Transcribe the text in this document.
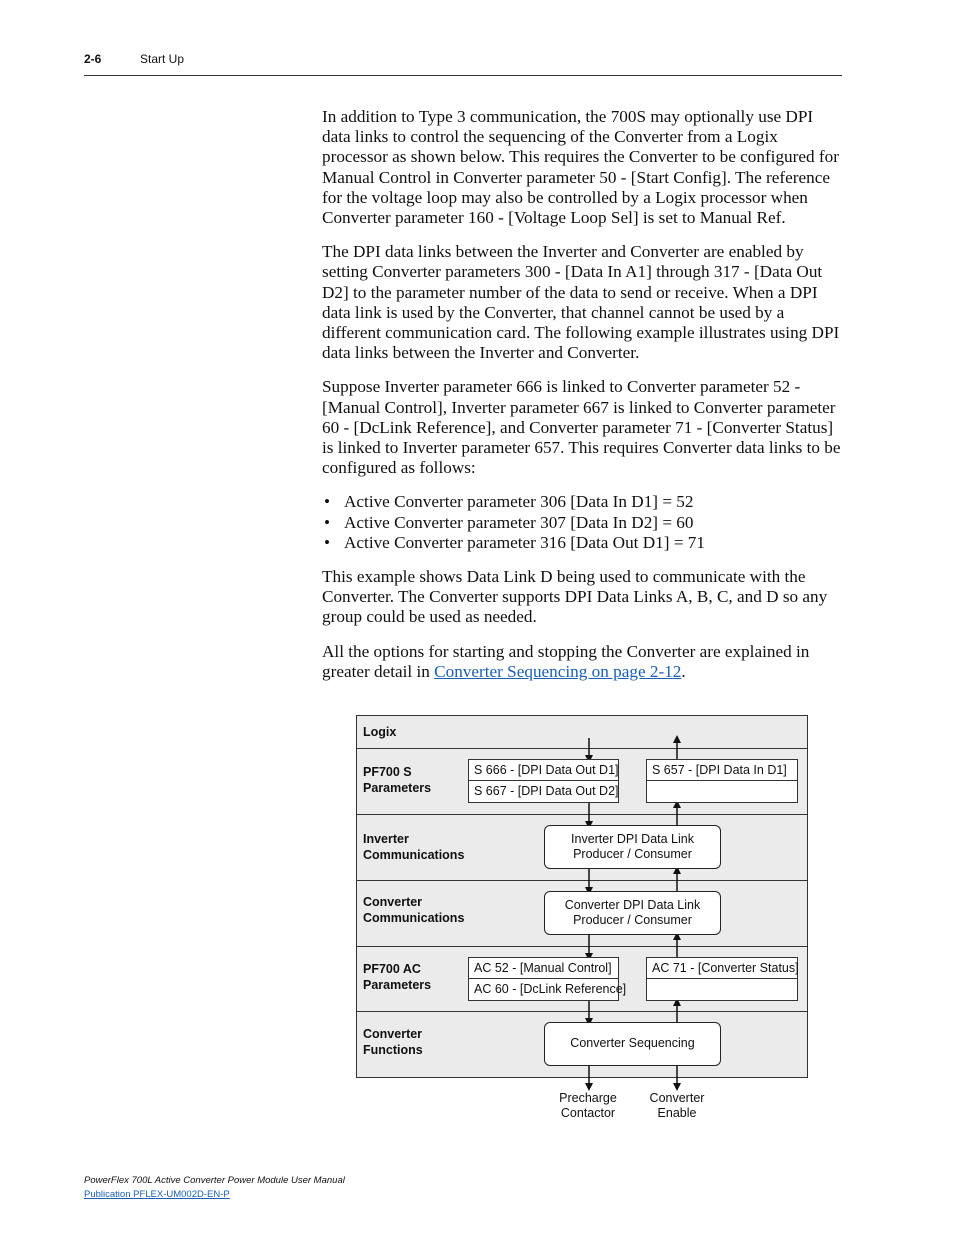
2-6	Start Up

In addition to Type 3 communication, the 700S may optionally use DPI data links to control the sequencing of the Converter from a Logix processor as shown below. This requires the Converter to be configured for Manual Control in Converter parameter 50 - [Start Config]. The reference for the voltage loop may also be controlled by a Logix processor when Converter parameter 160 - [Voltage Loop Sel] is set to Manual Ref.

The DPI data links between the Inverter and Converter are enabled by setting Converter parameters 300 - [Data In A1] through 317 - [Data Out D2] to the parameter number of the data to send or receive. When a DPI data link is used by the Converter, that channel cannot be used by a different communication card. The following example illustrates using DPI data links between the Inverter and Converter.

Suppose Inverter parameter 666 is linked to Converter parameter 52 - [Manual Control], Inverter parameter 667 is linked to Converter parameter 60 - [DcLink Reference], and Converter parameter 71 - [Converter Status] is linked to Inverter parameter 657. This requires Converter data links to be configured as follows:

• Active Converter parameter 306 [Data In D1] = 52
• Active Converter parameter 307 [Data In D2] = 60
• Active Converter parameter 316 [Data Out D1] = 71

This example shows Data Link D being used to communicate with the Converter. The Converter supports DPI Data Links A, B, C, and D so any group could be used as needed.

All the options for starting and stopping the Converter are explained in greater detail in Converter Sequencing on page 2-12.

Logix
PF700 S
Parameters
Inverter
Communications
Converter
Communications
PF700 AC
Parameters
Converter
Functions
S 666 - [DPI Data Out D1]
S 667 - [DPI Data Out D2]
S 657 - [DPI Data In D1]
Inverter DPI Data Link
Producer / Consumer
Converter DPI Data Link
Producer / Consumer
AC 52 - [Manual Control]
AC 60 - [DcLink Reference]
AC 71 - [Converter Status]
Converter Sequencing
Precharge
Contactor
Converter
Enable
PowerFlex 700L Active Converter Power Module User Manual
Publication PFLEX-UM002D-EN-P
